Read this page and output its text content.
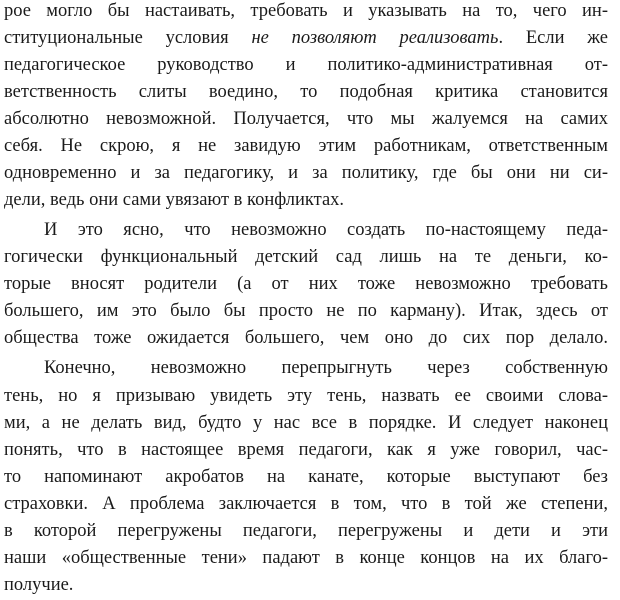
рое могло бы настаивать, требовать и указывать на то, чего ин-
ституциональные условия не позволяют реализовать. Если же
педагогическое руководство и политико-административная от-
ветственность слиты воедино, то подобная критика становится
абсолютно невозможной. Получается, что мы жалуемся на самих
себя. Не скрою, я не завидую этим работникам, ответственным
одновременно и за педагогику, и за политику, где бы они ни си-
дели, ведь они сами увязают в конфликтах.
И это ясно, что невозможно создать по-настоящему педа-
гогически функциональный детский сад лишь на те деньги, ко-
торые вносят родители (а от них тоже невозможно требовать
большего, им это было бы просто не по карману). Итак, здесь от
общества тоже ожидается большего, чем оно до сих пор делало.
Конечно, невозможно перепрыгнуть через собственную
тень, но я призываю увидеть эту тень, назвать ее своими слова-
ми, а не делать вид, будто у нас все в порядке. И следует наконец
понять, что в настоящее время педагоги, как я уже говорил, час-
то напоминают акробатов на канате, которые выступают без
страховки. А проблема заключается в том, что в той же степени,
в которой перегружены педагоги, перегружены и дети и эти
наши «общественные тени» падают в конце концов на их благо-
получие.
